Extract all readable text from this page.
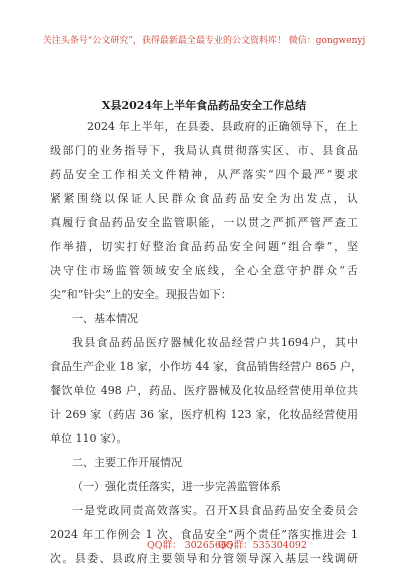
关注头条号“公文研究”，获得最新最全最专业的公文资料库！ 微信：gongwenyj
X县2024年上半年食品药品安全工作总结
2024 年上半年，在县委、县政府的正确领导下，在上
级部门的业务指导下，我局认真贯彻落实区、市、县食品
药品安全工作相关文件精神，从严落实“四个最严”要求
紧紧围绕以保证人民群众食品药品安全为出发点，认
真履行食品药品安全监管职能，一以贯之严抓严管严查工
作举措，切实打好整治食品药品安全问题“组合拳”，坚
决守住市场监管领域安全底线，全心全意守护群众“舌
尖”和“针尖”上的安全。现报告如下：
一、基本情况
我县食品药品医疗器械化妆品经营户共1694户，其中
食品生产企业 18 家，小作坊 44 家，食品销售经营户 865 户，
餐饮单位 498 户，药品、医疗器械及化妆品经营使用单位共
计 269 家（药店 36 家，医疗机构 123 家，化妆品经营使用
单位 110 家）。
二、主要工作开展情况
（一）强化责任落实，进一步完善监管体系
一是党政同责高效落实。召开X县食品药品安全委员会
2024 年工作例会 1 次、食品安全“两个责任”落实推进会 1
次。县委、县政府主要领导和分管领导深入基层一线调研
QQ群： 30265665
QQ群：535304092
